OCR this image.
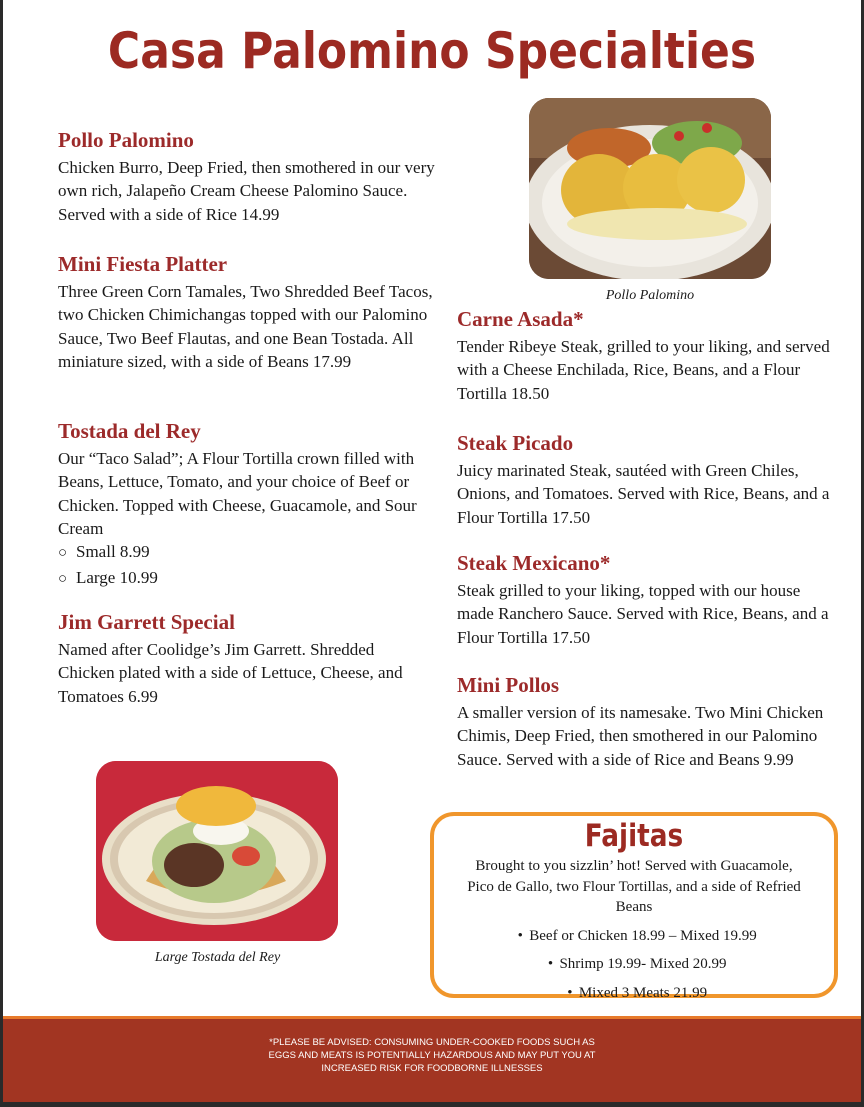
Casa Palomino Specialties
Pollo Palomino

Chicken Burro, Deep Fried, then smothered in our very own rich, Jalapeño Cream Cheese Palomino Sauce. Served with a side of Rice 14.99

Mini Fiesta Platter

Three Green Corn Tamales, Two Shredded Beef Tacos, two Chicken Chimichangas topped with our Palomino Sauce, Two Beef Flautas, and one Bean Tostada. All miniature sized, with a side of Beans 17.99

Tostada del Rey

Our “Taco Salad”; A Flour Tortilla crown filled with Beans, Lettuce, Tomato, and your choice of Beef or Chicken. Topped with Cheese, Guacamole, and Sour Cream

○ Small 8.99
○ Large 10.99
Jim Garrett Special

Named after Coolidge’s Jim Garrett. Shredded Chicken plated with a side of Lettuce, Cheese, and Tomatoes 6.99

Pollo Palomino
Carne Asada*

Tender Ribeye Steak, grilled to your liking, and served with a Cheese Enchilada, Rice, Beans, and a Flour Tortilla 18.50

Steak Picado

Juicy marinated Steak, sautéed with Green Chiles, Onions, and Tomatoes. Served with Rice, Beans, and a Flour Tortilla 17.50

Steak Mexicano*

Steak grilled to your liking, topped with our house made Ranchero Sauce. Served with Rice, Beans, and a Flour Tortilla 17.50

Mini Pollos

A smaller version of its namesake. Two Mini Chicken Chimis, Deep Fried, then smothered in our Palomino Sauce. Served with a side of Rice and Beans 9.99

Large Tostada del Rey
Fajitas
Brought to you sizzlin’ hot! Served with Guacamole, Pico de Gallo, two Flour Tortillas, and a side of Refried Beans
• Beef or Chicken 18.99 – Mixed 19.99
• Shrimp 19.99- Mixed 20.99
• Mixed 3 Meats 21.99
*PLEASE BE ADVISED: CONSUMING UNDER-COOKED FOODS SUCH AS EGGS AND MEATS IS POTENTIALLY HAZARDOUS AND MAY PUT YOU AT INCREASED RISK FOR FOODBORNE ILLNESSES
